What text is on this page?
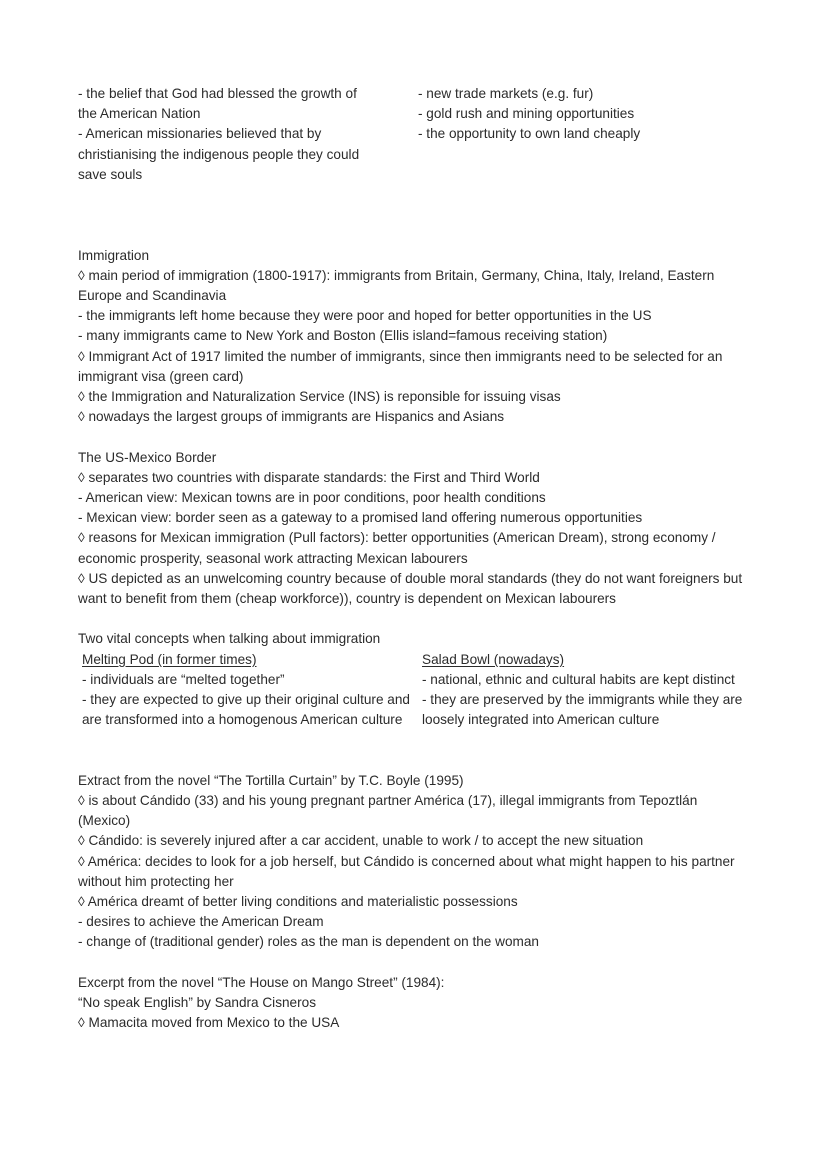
- the belief that God had blessed the growth of
the American Nation
- American missionaries believed that by
christianising the indigenous people they could
save souls
- new trade markets (e.g. fur)
- gold rush and mining opportunities
- the opportunity to own land cheaply

Immigration

◊ main period of immigration (1800-1917): immigrants from Britain, Germany, China, Italy, Ireland, Eastern Europe and Scandinavia

- the immigrants left home because they were poor and hoped for better opportunities in the US

- many immigrants came to New York and Boston (Ellis island=famous receiving station)

◊ Immigrant Act of 1917 limited the number of immigrants, since then immigrants need to be selected for an immigrant visa (green card)

◊ the Immigration and Naturalization Service (INS) is reponsible for issuing visas

◊ nowadays the largest groups of immigrants are Hispanics and Asians

The US-Mexico Border

◊ separates two countries with disparate standards: the First and Third World

- American view: Mexican towns are in poor conditions, poor health conditions

- Mexican view: border seen as a gateway to a promised land offering numerous opportunities

◊ reasons for Mexican immigration (Pull factors): better opportunities (American Dream), strong economy / economic prosperity, seasonal work attracting Mexican labourers

◊ US depicted as an unwelcoming country because of double moral standards (they do not want foreigners but want to benefit from them (cheap workforce)), country is dependent on Mexican labourers

Two vital concepts when talking about immigration

Melting Pod (in former times)

- individuals are “melted together”

- they are expected to give up their original culture and are transformed into a homogenous American culture

Salad Bowl (nowadays)

- national, ethnic and cultural habits are kept distinct

- they are preserved by the immigrants while they are loosely integrated into American culture

Extract from the novel “The Tortilla Curtain” by T.C. Boyle (1995)

◊ is about Cándido (33) and his young pregnant partner América (17), illegal immigrants from Tepoztlán (Mexico)

◊ Cándido: is severely injured after a car accident, unable to work / to accept the new situation

◊ América: decides to look for a job herself, but Cándido is concerned about what might happen to his partner without him protecting her

◊ América dreamt of better living conditions and materialistic possessions

- desires to achieve the American Dream

- change of (traditional gender) roles as the man is dependent on the woman

Excerpt from the novel “The House on Mango Street” (1984):

“No speak English” by Sandra Cisneros

◊ Mamacita moved from Mexico to the USA
